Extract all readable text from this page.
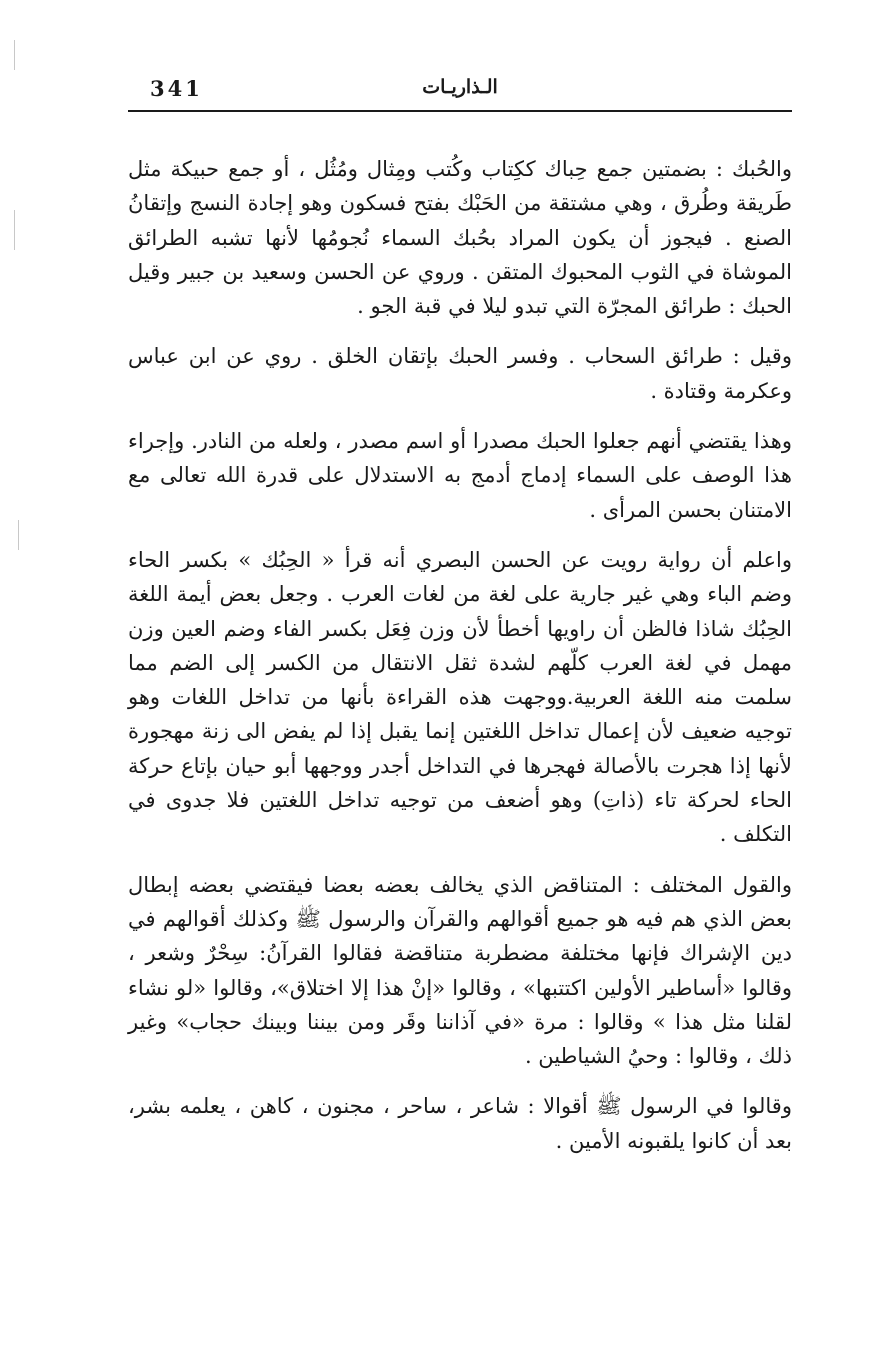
341	الـذاريـات

والحُبك : بضمتين جمع حِباك ككِتاب وكُتب ومِثال ومُثُل ، أو جمع حبيكة مثل طَريقة وطُرق ، وهي مشتقة من الحَبْك بفتح فسكون وهو إجادة النسج وإتقانُ الصنع . فيجوز أن يكون المراد بحُبك السماء نُجومُها لأنها تشبه الطرائق الموشاة في الثوب المحبوك المتقن . وروي عن الحسن وسعيد بن جبير وقيل الحبك : طرائق المجرّة التي تبدو ليلا في قبة الجو .

وقيل : طرائق السحاب . وفسر الحبك بإتقان الخلق . روي عن ابن عباس وعكرمة وقتادة .

وهذا يقتضي أنهم جعلوا الحبك مصدرا أو اسم مصدر ، ولعله من النادر. وإجراء هذا الوصف على السماء إدماج أدمج به الاستدلال على قدرة الله تعالى مع الامتنان بحسن المرأى .

واعلم أن رواية رويت عن الحسن البصري أنه قرأ « الحِبُك » بكسر الحاء وضم الباء وهي غير جارية على لغة من لغات العرب . وجعل بعض أيمة اللغة الحِبُك شاذا فالظن أن راويها أخطأ لأن وزن فِعَل بكسر الفاء وضم العين وزن مهمل في لغة العرب كلّهم لشدة ثقل الانتقال من الكسر إلى الضم مما سلمت منه اللغة العربية.ووجهت هذه القراءة بأنها من تداخل اللغات وهو توجيه ضعيف لأن إعمال تداخل اللغتين إنما يقبل إذا لم يفض الى زنة مهجورة لأنها إذا هجرت بالأصالة فهجرها في التداخل أجدر ووجهها أبو حيان بإتاع حركة الحاء لحركة تاء (ذاتِ) وهو أضعف من توجيه تداخل اللغتين فلا جدوى في التكلف .

والقول المختلف : المتناقض الذي يخالف بعضه بعضا فيقتضي بعضه إبطال بعض الذي هم فيه هو جميع أقوالهم والقرآن والرسول ﷺ وكذلك أقوالهم في دين الإشراك فإنها مختلفة مضطربة متناقضة فقالوا القرآنُ: سِحْرٌ وشعر ، وقالوا «أساطير الأولين اكتتبها» ، وقالوا «إنْ هذا إلا اختلاق»، وقالوا «لو نشاء لقلنا مثل هذا » وقالوا : مرة «في آذاننا وقَر ومن بيننا وبينك حجاب» وغير ذلك ، وقالوا : وحيُ الشياطين .

وقالوا في الرسول ﷺ أقوالا : شاعر ، ساحر ، مجنون ، كاهن ، يعلمه بشر، بعد أن كانوا يلقبونه الأمين .
